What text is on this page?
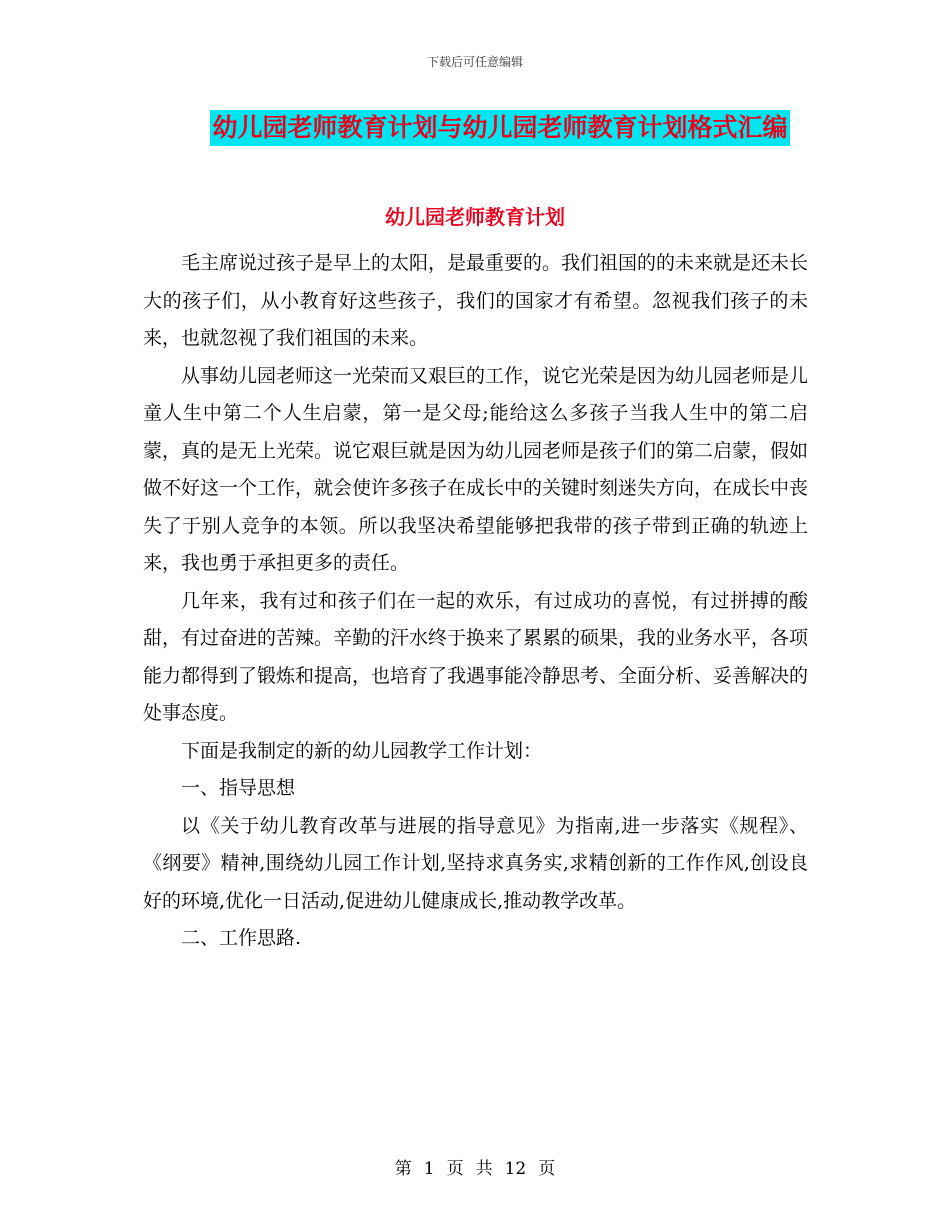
下载后可任意编辑
幼儿园老师教育计划与幼儿园老师教育计划格式汇编
幼儿园老师教育计划

毛主席说过孩子是早上的太阳，是最重要的。我们祖国的的未来就是还未长大的孩子们，从小教育好这些孩子，我们的国家才有希望。忽视我们孩子的未来，也就忽视了我们祖国的未来。

从事幼儿园老师这一光荣而又艰巨的工作，说它光荣是因为幼儿园老师是儿童人生中第二个人生启蒙，第一是父母;能给这么多孩子当我人生中的第二启蒙，真的是无上光荣。说它艰巨就是因为幼儿园老师是孩子们的第二启蒙，假如做不好这一个工作，就会使许多孩子在成长中的关键时刻迷失方向，在成长中丧失了于别人竞争的本领。所以我坚决希望能够把我带的孩子带到正确的轨迹上来，我也勇于承担更多的责任。

几年来，我有过和孩子们在一起的欢乐，有过成功的喜悦，有过拼搏的酸甜，有过奋进的苦辣。辛勤的汗水终于换来了累累的硕果，我的业务水平，各项能力都得到了锻炼和提高，也培育了我遇事能冷静思考、全面分析、妥善解决的处事态度。

下面是我制定的新的幼儿园教学工作计划：

一、指导思想

以《关于幼儿教育改革与进展的指导意见》为指南,进一步落实《规程》、《纲要》精神,围绕幼儿园工作计划,坚持求真务实,求精创新的工作作风,创设良好的环境,优化一日活动,促进幼儿健康成长,推动教学改革。

二、工作思路.

第 1 页 共 12 页
